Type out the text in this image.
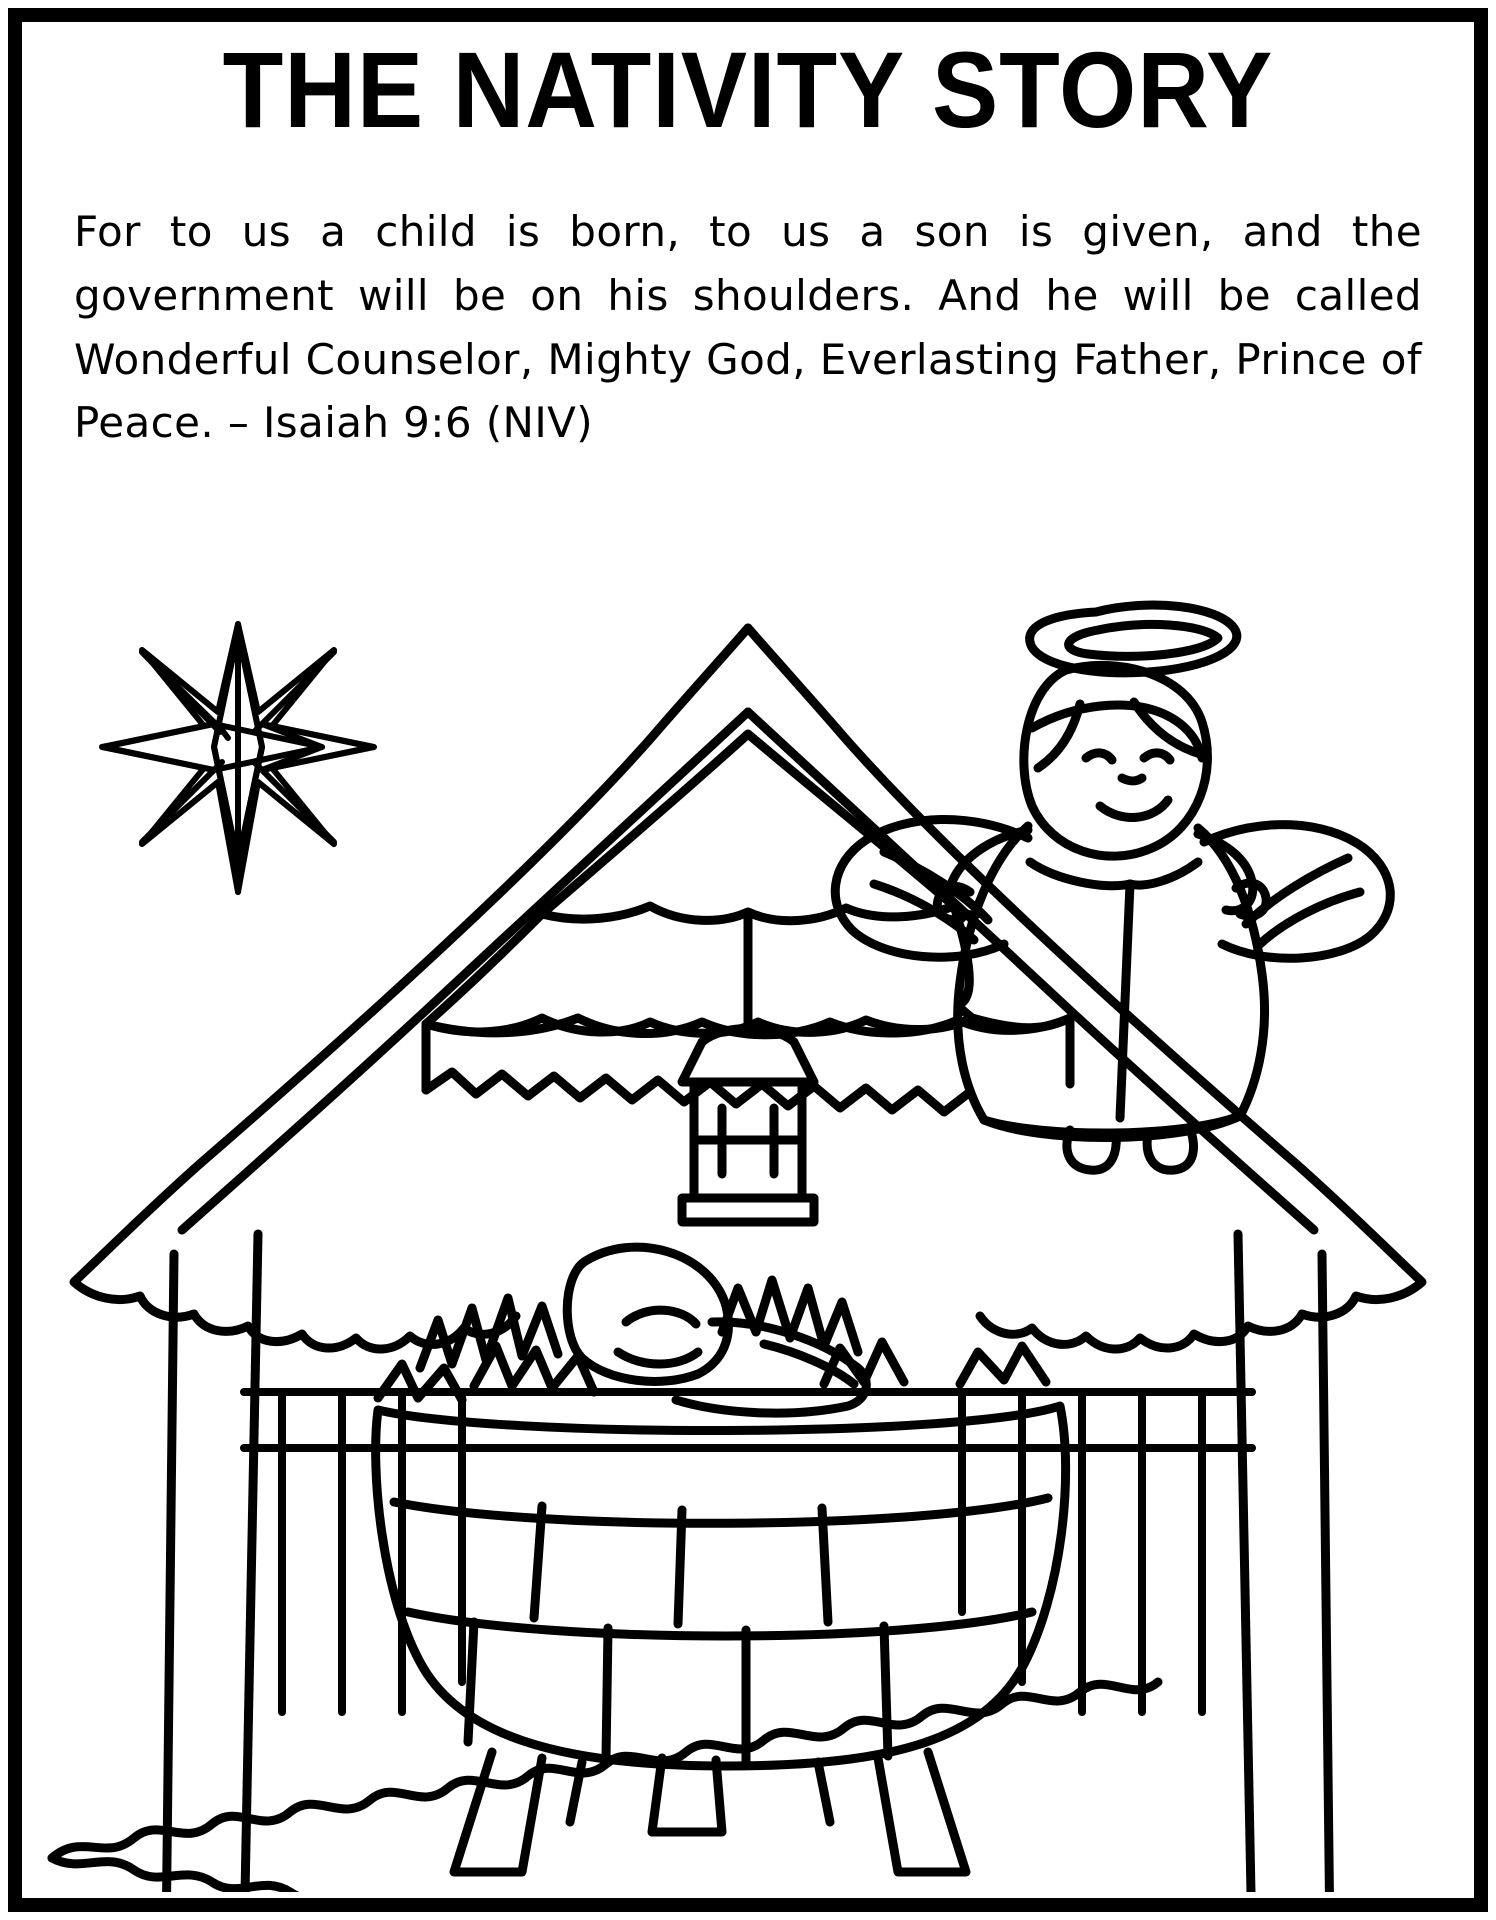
THE NATIVITY STORY
For to us a child is born, to us a son is given, and the government will be on his shoulders. And he will be called Wonderful Counselor, Mighty God, Everlasting Father, Prince of Peace. – Isaiah 9:6 (NIV)
